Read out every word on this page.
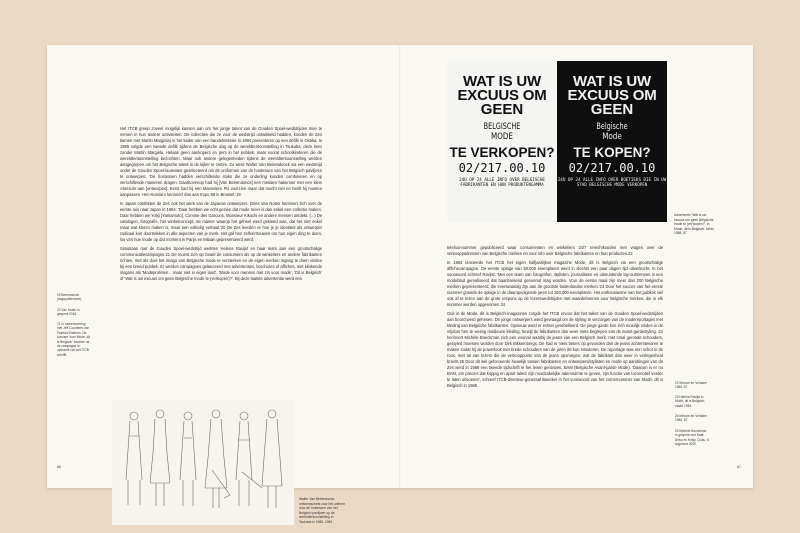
Het ITCB greep zoveel mogelijk kansen aan om het jonge talent van de Gouden Spoel-wedstrijden mee te nemen in hun andere activiteiten. De collecties die ze voor de wedstrijd ontwikkeld hadden, konden de Zes tiamen met Martin Margiela) in het kader van een handelsmissie in 1984 presenteren op een defilé in Osaka. In 1985 volgde een tweede defilé tijdens de Belgische dag op de wereldtentoonstelling in Tsukuba, deze keer zonder Martin Margiela. Helaas geen aankopers en pers in het publiek, maar vooral schoolkinderen die de wereldtentoonstelling bezochten. Maar ook andere gelegenheden tijdens de wereldtentoonstelling werden aangegrepen om het Belgische talent in de kijker te zetten. Zo werd Walter Van Beirendonck via een wedstrijd onder de Gouden Spoel-laureaten geselecteerd om de uniformen van de hostessen van het Belgisch paviljoen te ontwerpen: 'De hostessen hadden verschillende stuks die ze onderling konden combineren en op verschillende manieren dragen. Daarbovenop had hij [Van Beirendonck] een metalen hakenoer met een klein Atomium aan [ontworpen]. Eerst had hij een Manneken Pis voorzien maar dat mocht niet en heeft hij moeten aanpassen. Het Atomium herinnert dan aan Expo 58 in Brussel.'19

In Japan ontdekten de Zes ook het werk van de Japanse ontwerpers. Dries Van Noten herinnert zich over de eerste reis naar Japan in 1984: 'Daar hebben we echt gezien dat mode meer is dan enkel een collectie maken. Daar hebben we Yohji [Yamamoto], Comme des Garcons, Monsieur Kikuchi en andere mensen ontdekt. (...) De catalogen, fotografie, het winkelconcept, de manier waarop het geheel werd gekleed was, dat het niet enkel maar wat kleren maken is, maar een volledig verhaal.'20 De Zes leerden er hoe je je identiteit als ontwerper radicaal kon doortrekken in alle aspecten van je merk. Het gaf hen zelfvertrouwen om hun eigen ding te doen, los van hoe mode op dat moment in Parijs en Milaan gepresenteerd werd.

Simultaan met de Gouden Spoel-wedstrijd werkten Helena Ravijst en haar team aan een grootschalige communicatiecampagne.21 De moest zich op zowel de consument als op de winkeliers en andere fabrikanten richten, met als doel het imago van Belgische mode te versterken en de eigen merken ingang te doen vinden bij een breed publiek. Er werden campagnes gelanceerd met advertenties, brochures of affiches, met klinkende slogans als 'Modeprofeten... maar niet in eigen land', 'Mode voor mensen met zin voor mode', 'Dit is Belgisch' of 'Wat is uw excuus om geen Belgische mode te (verkopen)?'. Bij deze laatste advertentie werd een

19 Beirendonck (dagopdelenvert).

20 Van Noten in gesprek 2016.

21 In samenwerking met Jeff Counterm van Fashion Fashion. De concept 'voor Mode, dit is Belgisch' bouwde na de campagne in opdracht van het ITCB schrifft.

Walter Van Beirendonck, ontwerpschets voor het uniform voor de hostessen van het Belgisch paviljoen op de wereldtentoonstelling in Tsukuba in 1985, 1984

86
WAT IS UW
EXCUUS OM
GEEN
BELGISCHE
MODE
TE VERKOPEN?
02/217.00.10
24U OP 24 ALLE INFO OVER BELGISCHE FABRIKANTEN EN HUN PRODUKTENGAMMA
WAT IS UW
EXCUUS OM
GEEN
Belgische
Mode
TE KOPEN?
02/217.00.10
24U OP 24 ALLE INFO OVER BOETIEKS DIE IN UW STAD BELGISCHE MODE VERKOPEN

Advertentie 'Wat is uw excuus om geen Belgische mode te (ver)kopen?', in Mode, dit is Belgisch, tal.tiu 1988, 87

telefoonnummer gepubliceerd waar consumenten en winkeliers 24/7 terechtkonden met vragen over de verkooppadressen van Belgische merken en voor info over Belgische fabrikanten en hun producten.22

In 1984 lanceerde het ITCB het eigen halfjaarlijkse magazine Mode, dit is Belgisch via een grootschalige affichecampagne. De eerste oplage van 50.000 exemplaren werd in slechts een paar dagen tijd uitverkocht. In het voorwoord schreef Ravijst: 'Met een team van fotografen, stylisten, journalisten en uitmuntende lay-outmensen is een modeblad gerealiseerd dat baanbrekend genoemd mag worden. Voor de eerste maal zijn meer dan 200 Belgische merken gepresenteerd, die evenwaardig zijn aan de grootste buitenlandse merken.'23 Door het succes van het eerste nummer groeide de oplage in de daaropvolgende jaren tot 150.000 exemplaren. Het enthousiasme van het publiek viel ook af te lezen aan de grote respons op de lezerswedstrijden met waardebonnen voor Belgische merken, die in elk nummer werden opgenomen.24

Ook in de Mode, dit is Belgisch-magazines zorgde het ITCB ervoor dat het talent van de Gouden Spoel-wedstrijden aan boord werd gehesen. De jonge ontwerpers werd gevraagd om de styling te verzorgen van de modereportages met kleding van Belgische fabrikanten. Opnieuw werd er echter gerebelleerd. De jonge garde kon zich moeilijk vinden in de vrijdom hen te weinig modieuze kleding, terwijl de fabrikanten dan weer niets begrepen van de avant-gardestyling. Zo herinnert Michèle Boeckman zich een voorval waarbij de jeans van een Belgisch merk, met smal geronde schouders, gestyled moesten worden door Dirk Bikkembergs. De had er niets beters op gevonden dan de jeans achterstevoren te maken zodat hij de powerlook met brede schouders van de jaren 80 kon simuleren. De reportage was een schot in de roos, met tal van lezers die de verkooppunto van de jeans opvroegen, wat de fabrikant dan weer in verlegenheid bracht.25 Door dit wel geforceerde huwelijk tussen fabrikanten en ontwerpers/stylisten en mode op aandringen van de Zes werd in 1988 een tweede tijdschrift in het leven geroepen, BAM (Belgische Avant-garde Mode). 'Daarom is er nu BAM, om precies dat koppig en apart talent zijn noodzakelijke ademruimte te geven, zijn functie van locomotief verder te laten uitvoeren', schreef ITCB-directeur-generaal Baecker in het voorwoord van het zomernummer van Mode, dit is Belgisch in 1988.	22 Mecom en Vertaine 1986, 87.

23 Helena Ravijst in Mode, dit is Belgisch, maart 1984.

24 Mecom en Vertaine 1986, 87.

25 Michèle Boeckman in gesprek met Kaat Debo en Kristy Coutu, 6 augustus 2020.

87
